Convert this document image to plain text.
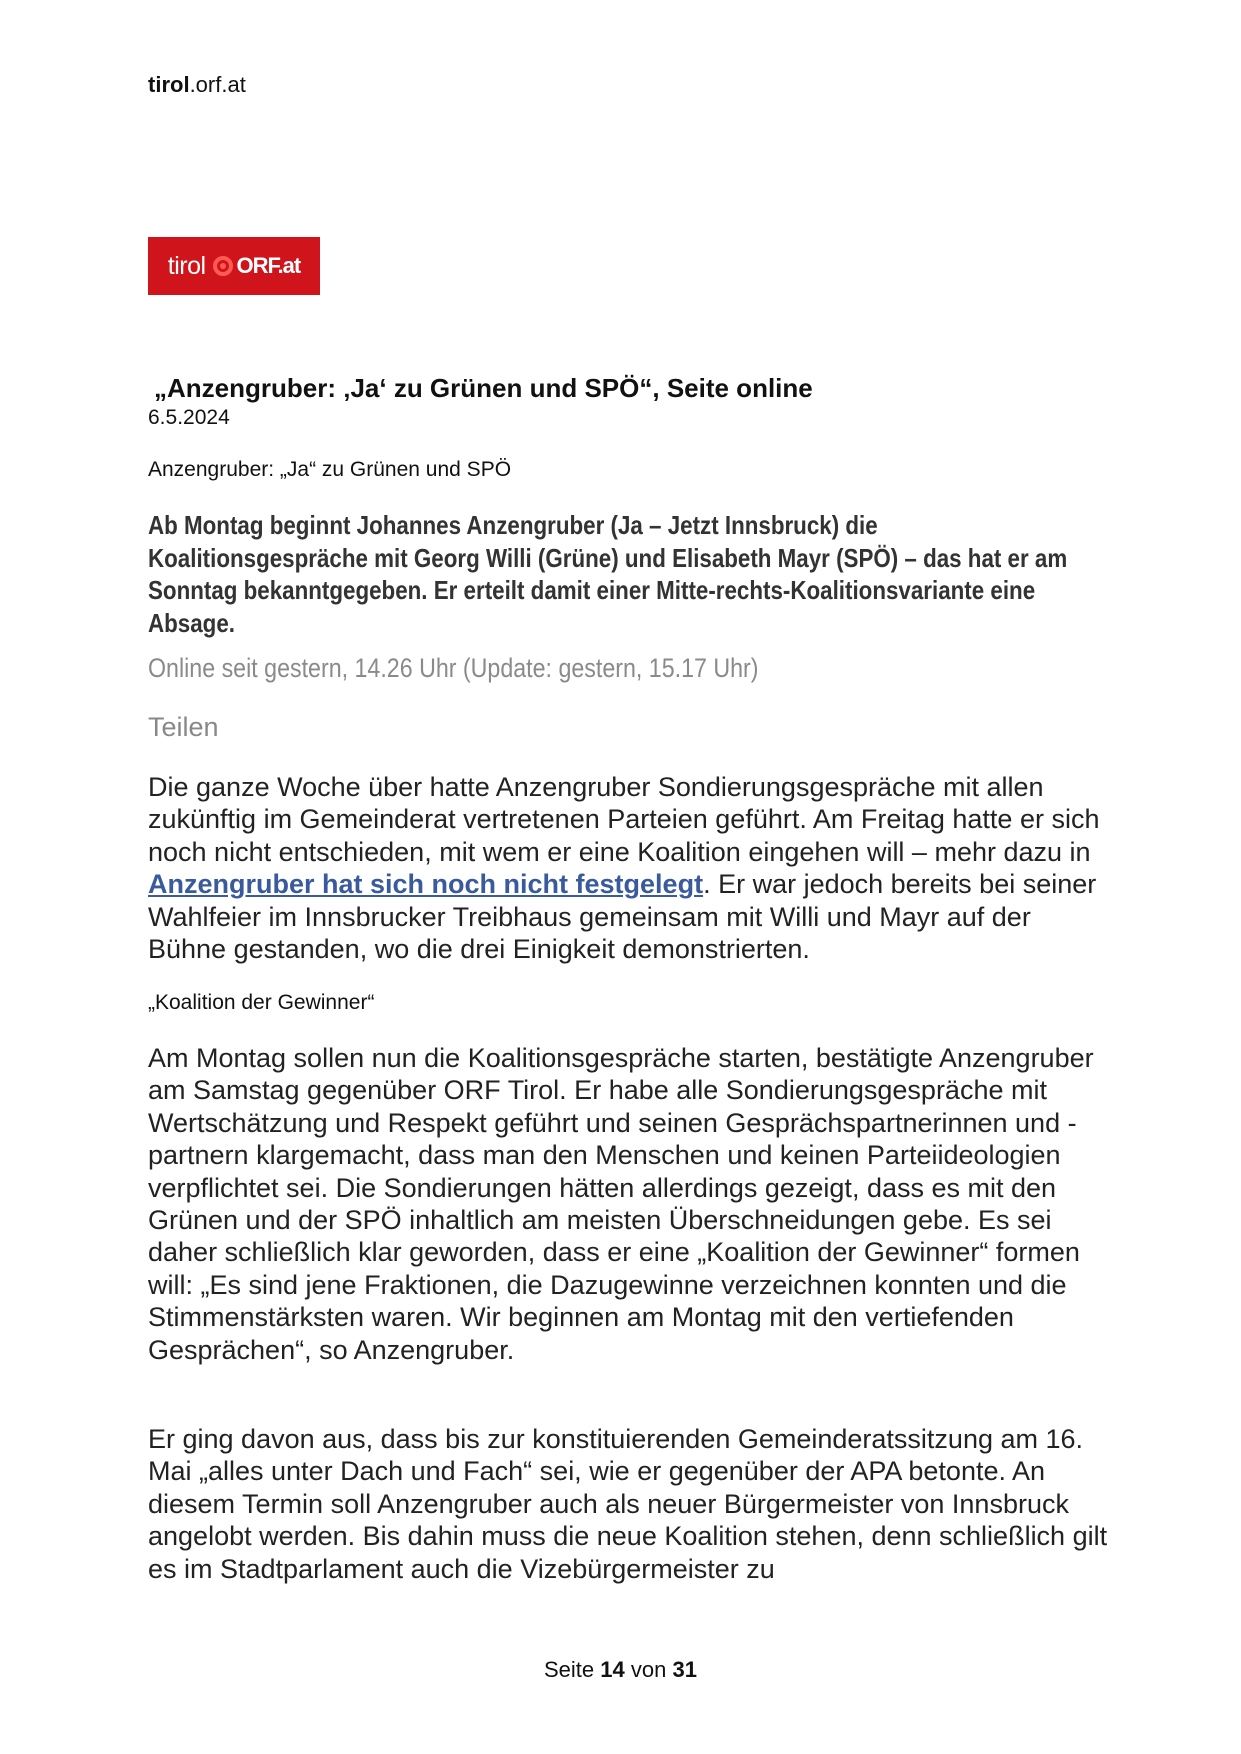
tirol.orf.at
tirol ORF.at
„Anzengruber: ‚Ja‘ zu Grünen und SPÖ“, Seite online
6.5.2024
Anzengruber: „Ja“ zu Grünen und SPÖ
Ab Montag beginnt Johannes Anzengruber (Ja – Jetzt Innsbruck) die Koalitionsgespräche mit Georg Willi (Grüne) und Elisabeth Mayr (SPÖ) – das hat er am Sonntag bekanntgegeben. Er erteilt damit einer Mitte-rechts-Koalitionsvariante eine Absage.
Online seit gestern, 14.26 Uhr (Update: gestern, 15.17 Uhr)
Teilen
Die ganze Woche über hatte Anzengruber Sondierungsgespräche mit allen zukünftig im Gemeinderat vertretenen Parteien geführt. Am Freitag hatte er sich noch nicht entschieden, mit wem er eine Koalition eingehen will – mehr dazu in Anzengruber hat sich noch nicht festgelegt. Er war jedoch bereits bei seiner Wahlfeier im Innsbrucker Treibhaus gemeinsam mit Willi und Mayr auf der Bühne gestanden, wo die drei Einigkeit demonstrierten.
„Koalition der Gewinner“
Am Montag sollen nun die Koalitionsgespräche starten, bestätigte Anzengruber am Samstag gegenüber ORF Tirol. Er habe alle Sondierungsgespräche mit Wertschätzung und Respekt geführt und seinen Gesprächspartnerinnen und -partnern klargemacht, dass man den Menschen und keinen Parteiideologien verpflichtet sei. Die Sondierungen hätten allerdings gezeigt, dass es mit den Grünen und der SPÖ inhaltlich am meisten Überschneidungen gebe. Es sei daher schließlich klar geworden, dass er eine „Koalition der Gewinner“ formen will: „Es sind jene Fraktionen, die Dazugewinne verzeichnen konnten und die Stimmenstärksten waren. Wir beginnen am Montag mit den vertiefenden Gesprächen“, so Anzengruber.
Er ging davon aus, dass bis zur konstituierenden Gemeinderatssitzung am 16. Mai „alles unter Dach und Fach“ sei, wie er gegenüber der APA betonte. An diesem Termin soll Anzengruber auch als neuer Bürgermeister von Innsbruck angelobt werden. Bis dahin muss die neue Koalition stehen, denn schließlich gilt es im Stadtparlament auch die Vizebürgermeister zu
Seite 14 von 31
